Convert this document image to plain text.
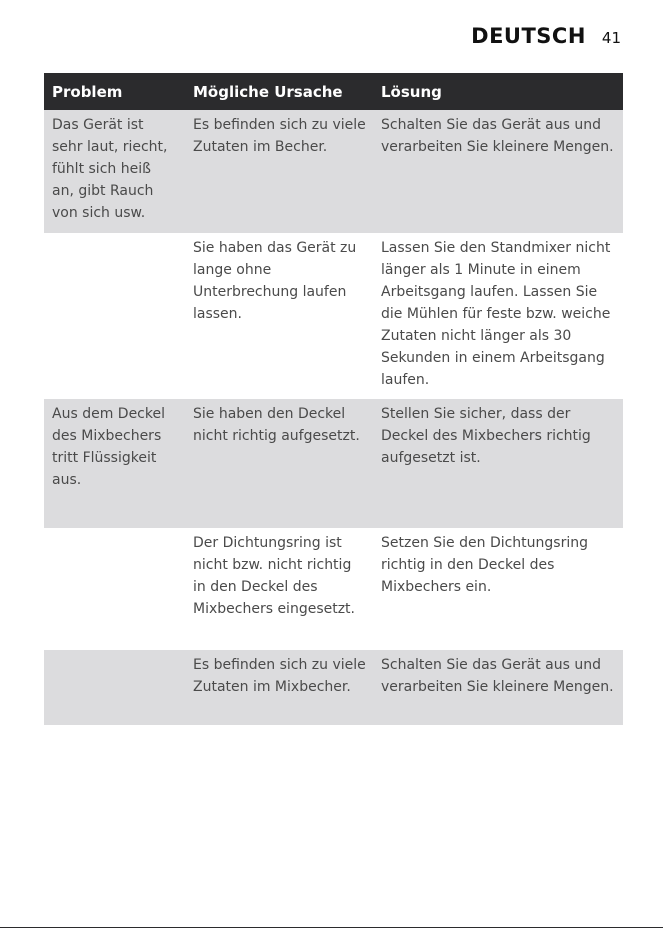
DEUTSCH 41
Problem	Mögliche Ursache	Lösung
Das Gerät ist sehr laut, riecht, fühlt sich heiß an, gibt Rauch von sich usw.	Es befinden sich zu viele Zutaten im Becher.	Schalten Sie das Gerät aus und verarbeiten Sie kleinere Mengen.
	Sie haben das Gerät zu lange ohne Unterbrechung laufen lassen.	Lassen Sie den Standmixer nicht länger als 1 Minute in einem Arbeitsgang laufen. Lassen Sie die Mühlen für feste bzw. weiche Zutaten nicht länger als 30 Sekunden in einem Arbeitsgang laufen.
Aus dem Deckel des Mixbechers tritt Flüssigkeit aus.	Sie haben den Deckel nicht richtig aufgesetzt.	Stellen Sie sicher, dass der Deckel des Mixbechers richtig aufgesetzt ist.
	Der Dichtungsring ist nicht bzw. nicht richtig in den Deckel des Mixbechers eingesetzt.	Setzen Sie den Dichtungsring richtig in den Deckel des Mixbechers ein.
	Es befinden sich zu viele Zutaten im Mixbecher.	Schalten Sie das Gerät aus und verarbeiten Sie kleinere Mengen.
